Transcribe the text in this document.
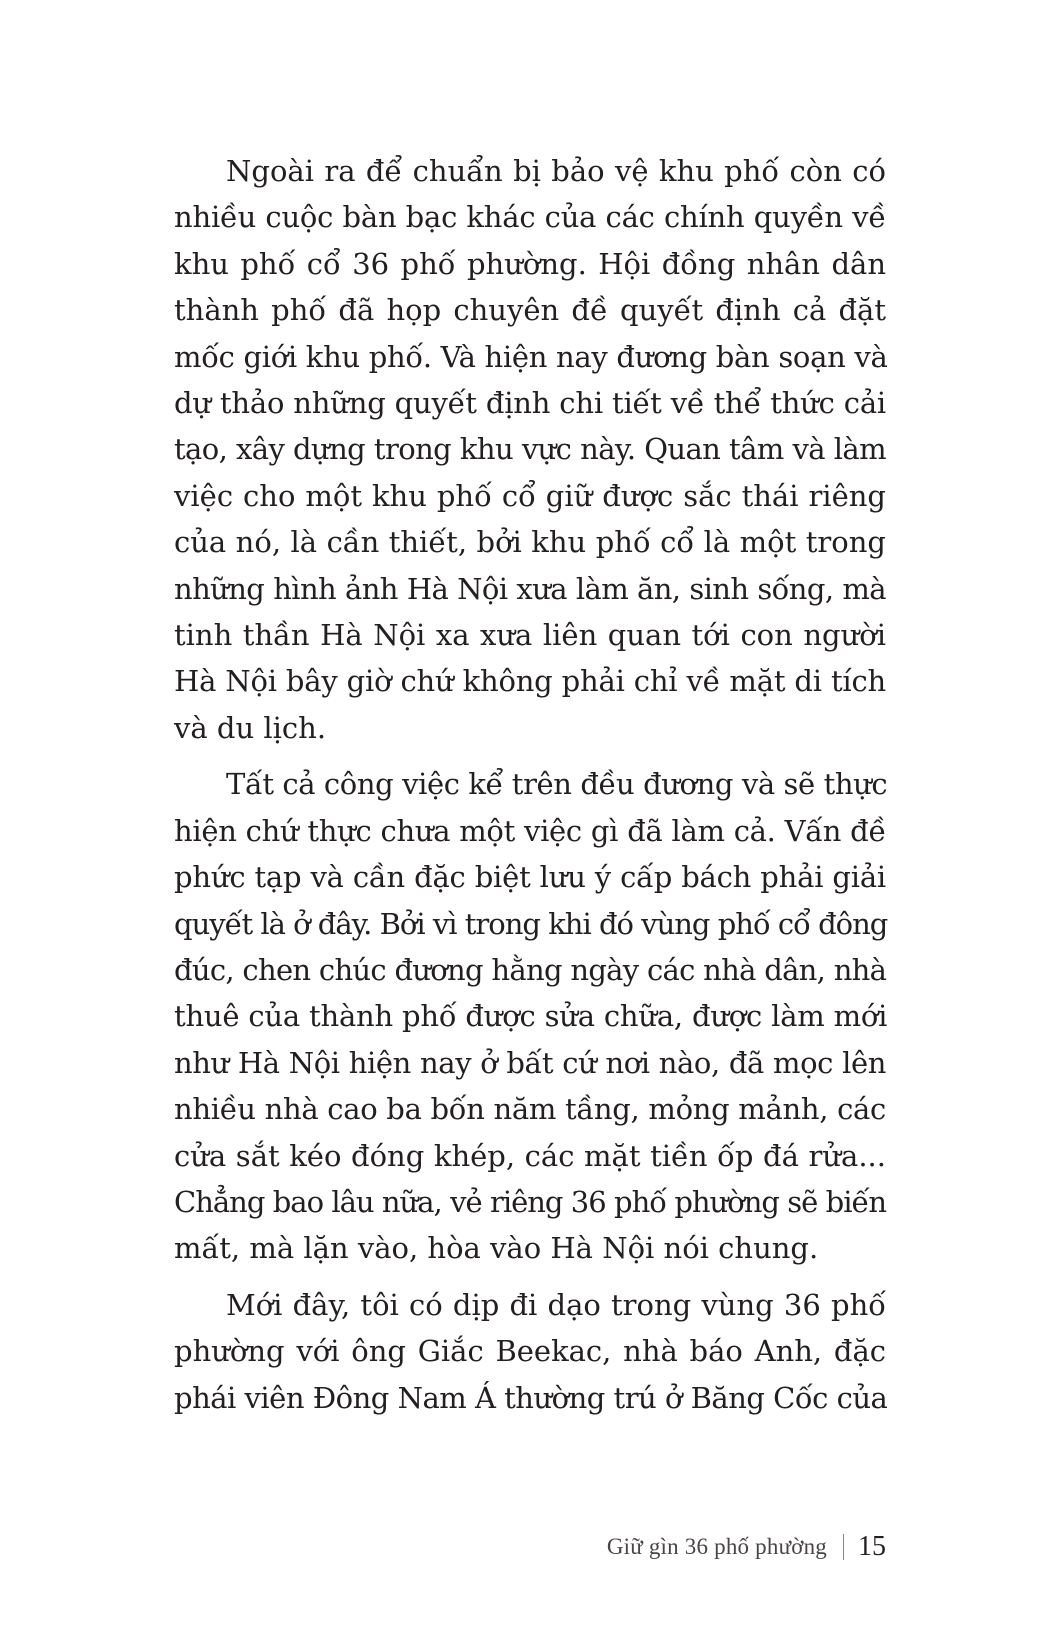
Ngoài ra để chuẩn bị bảo vệ khu phố còn có
nhiều cuộc bàn bạc khác của các chính quyền về
khu phố cổ 36 phố phường. Hội đồng nhân dân
thành phố đã họp chuyên đề quyết định cả đặt
mốc giới khu phố. Và hiện nay đương bàn soạn và
dự thảo những quyết định chi tiết về thể thức cải
tạo, xây dựng trong khu vực này. Quan tâm và làm
việc cho một khu phố cổ giữ được sắc thái riêng
của nó, là cần thiết, bởi khu phố cổ là một trong
những hình ảnh Hà Nội xưa làm ăn, sinh sống, mà
tinh thần Hà Nội xa xưa liên quan tới con người
Hà Nội bây giờ chứ không phải chỉ về mặt di tích
và du lịch.

Tất cả công việc kể trên đều đương và sẽ thực
hiện chứ thực chưa một việc gì đã làm cả. Vấn đề
phức tạp và cần đặc biệt lưu ý cấp bách phải giải
quyết là ở đây. Bởi vì trong khi đó vùng phố cổ đông
đúc, chen chúc đương hằng ngày các nhà dân, nhà
thuê của thành phố được sửa chữa, được làm mới
như Hà Nội hiện nay ở bất cứ nơi nào, đã mọc lên
nhiều nhà cao ba bốn năm tầng, mỏng mảnh, các
cửa sắt kéo đóng khép, các mặt tiền ốp đá rửa...
Chẳng bao lâu nữa, vẻ riêng 36 phố phường sẽ biến
mất, mà lặn vào, hòa vào Hà Nội nói chung.

Mới đây, tôi có dịp đi dạo trong vùng 36 phố
phường với ông Giắc Beekac, nhà báo Anh, đặc
phái viên Đông Nam Á thường trú ở Băng Cốc của

Giữ gìn 36 phố phường 15
